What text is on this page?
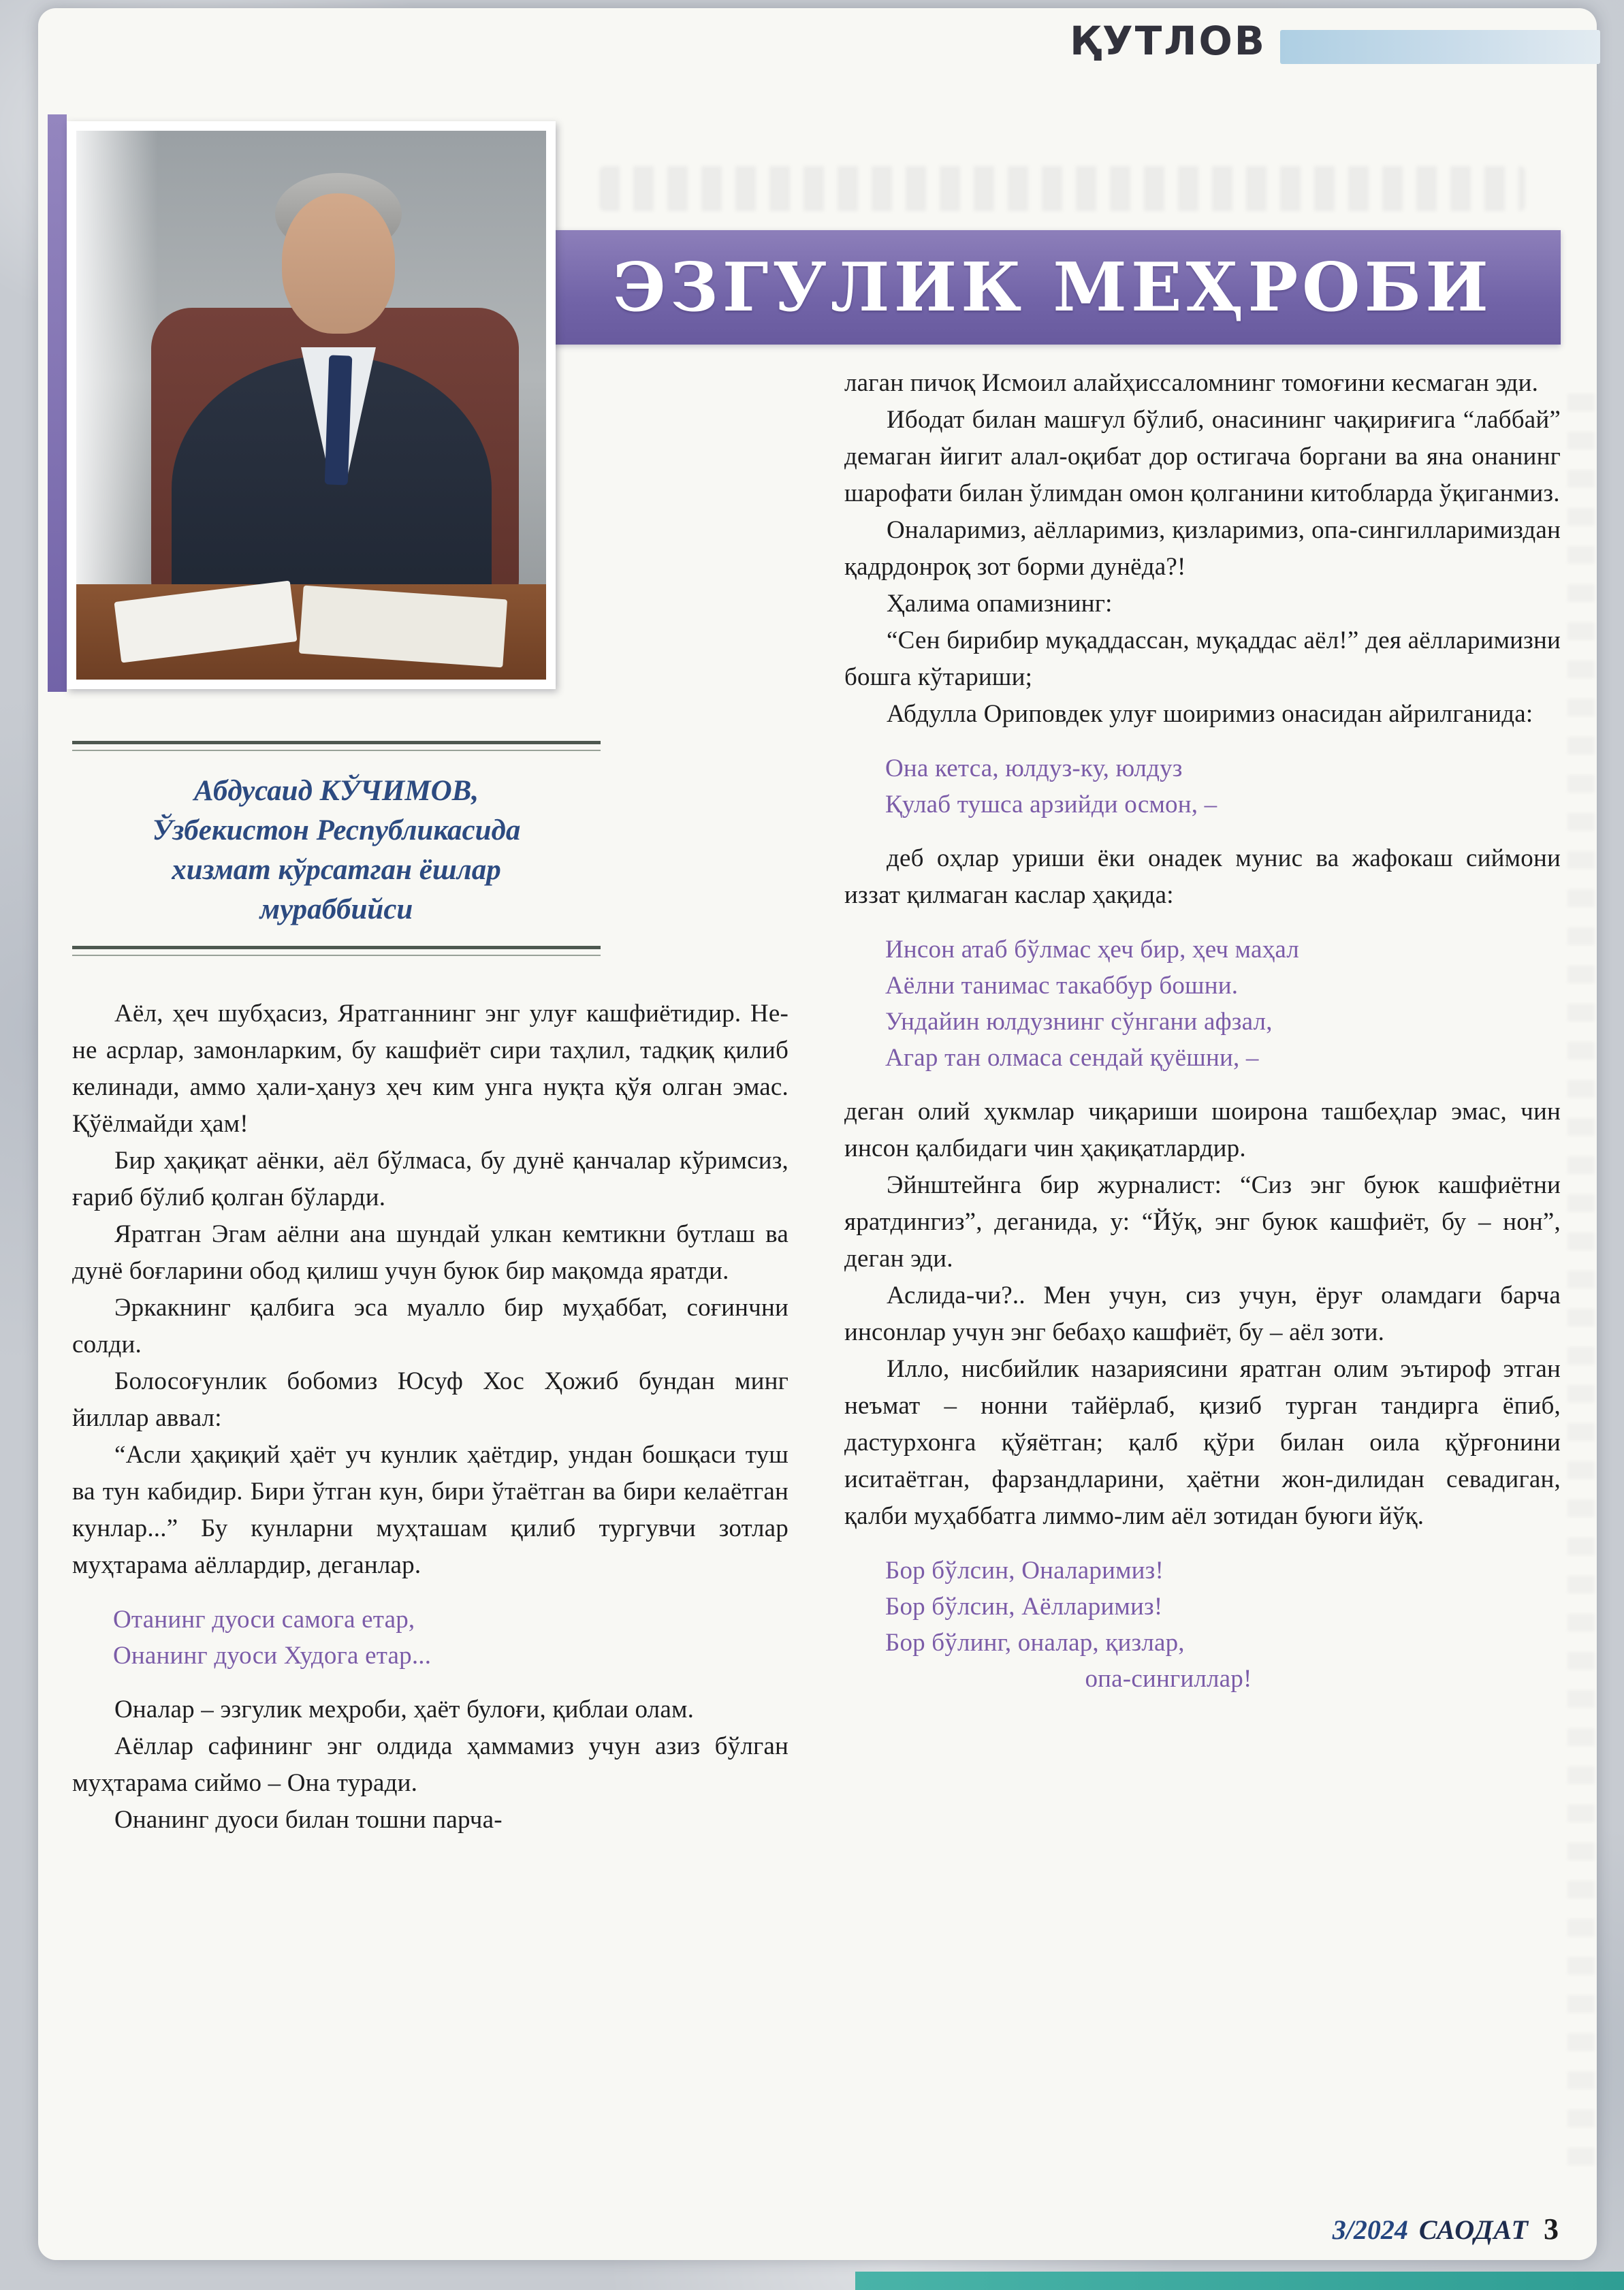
ҚУТЛОВ
ЭЗГУЛИК МЕҲРОБИ
Абдусаид КЎЧИМОВ,
Ўзбекистон Республикасида
хизмат кўрсатган ёшлар
мураббийси

Аёл, ҳеч шубҳасиз, Яратганнинг энг улуғ кашфиётидир. Не-не асрлар, замонларким, бу кашфиёт сири таҳлил, тадқиқ қилиб келинади, аммо ҳали-ҳануз ҳеч ким унга нуқта қўя олган эмас. Қўёлмайди ҳам!

Бир ҳақиқат аёнки, аёл бўлмаса, бу дунё қанчалар кўримсиз, ғариб бўлиб қолган бўларди.

Яратган Эгам аёлни ана шундай улкан кемтикни бутлаш ва дунё боғларини обод қилиш учун буюк бир мақомда яратди.

Эркакнинг қалбига эса муалло бир муҳаббат, соғинчни солди.

Болосоғунлик бобомиз Юсуф Хос Ҳожиб бундан минг йиллар аввал:

“Асли ҳақиқий ҳаёт уч кунлик ҳаётдир, ундан бошқаси туш ва тун кабидир. Бири ўтган кун, бири ўтаётган ва бири келаётган кунлар...” Бу кунларни муҳташам қилиб тургувчи зотлар муҳтарама аёллардир, деганлар.

Отанинг дуоси самога етар,
Онанинг дуоси Худога етар...

Оналар – эзгулик меҳроби, ҳаёт булоғи, қиблаи олам.

Аёллар сафининг энг олдида ҳаммамиз учун азиз бўлган муҳтарама сиймо – Она туради.

Онанинг дуоси билан тошни парча-

лаган пичоқ Исмоил алайҳиссаломнинг томоғини кесмаган эди.

Ибодат билан машғул бўлиб, онасининг чақириғига “лаббай” демаган йигит алал-оқибат дор остигача боргани ва яна онанинг шарофати билан ўлимдан омон қолганини китобларда ўқиганмиз.

Оналаримиз, аёлларимиз, қизларимиз, опа-сингилларимиздан қадрдонроқ зот борми дунёда?!

Ҳалима опамизнинг:

“Сен бирибир муқаддассан, муқаддас аёл!” дея аёлларимизни бошга кўтариши;

Абдулла Ориповдек улуғ шоиримиз онасидан айрилганида:

Она кетса, юлдуз-ку, юлдуз
Қулаб тушса арзийди осмон, –

деб оҳлар уриши ёки онадек мунис ва жафокаш сиймони иззат қилмаган каслар ҳақида:

Инсон атаб бўлмас ҳеч бир, ҳеч маҳал
Аёлни танимас такаббур бошни.
Ундайин юлдузнинг сўнгани афзал,
Агар тан олмаса сендай қуёшни, –

деган олий ҳукмлар чиқариши шоирона ташбеҳлар эмас, чин инсон қалбидаги чин ҳақиқатлардир.

Эйнштейнга бир журналист: “Сиз энг буюк кашфиётни яратдингиз”, деганида, у: “Йўқ, энг буюк кашфиёт, бу – нон”, деган эди.

Аслида-чи?.. Мен учун, сиз учун, ёруғ оламдаги барча инсонлар учун энг бебаҳо кашфиёт, бу – аёл зоти.

Илло, нисбийлик назариясини яратган олим эътироф этган неъмат – нонни тайёрлаб, қизиб турган тандирга ёпиб, дастурхонга қўяётган; қалб қўри билан оила қўрғонини иситаётган, фарзандларини, ҳаётни жон-дилидан севадиган, қалби муҳаббатга лиммо-лим аёл зотидан буюги йўқ.

Бор бўлсин, Оналаримиз!
Бор бўлсин, Аёлларимиз!
Бор бўлинг, оналар, қизлар,
опа-сингиллар!
3/2024 САОДАТ 3
